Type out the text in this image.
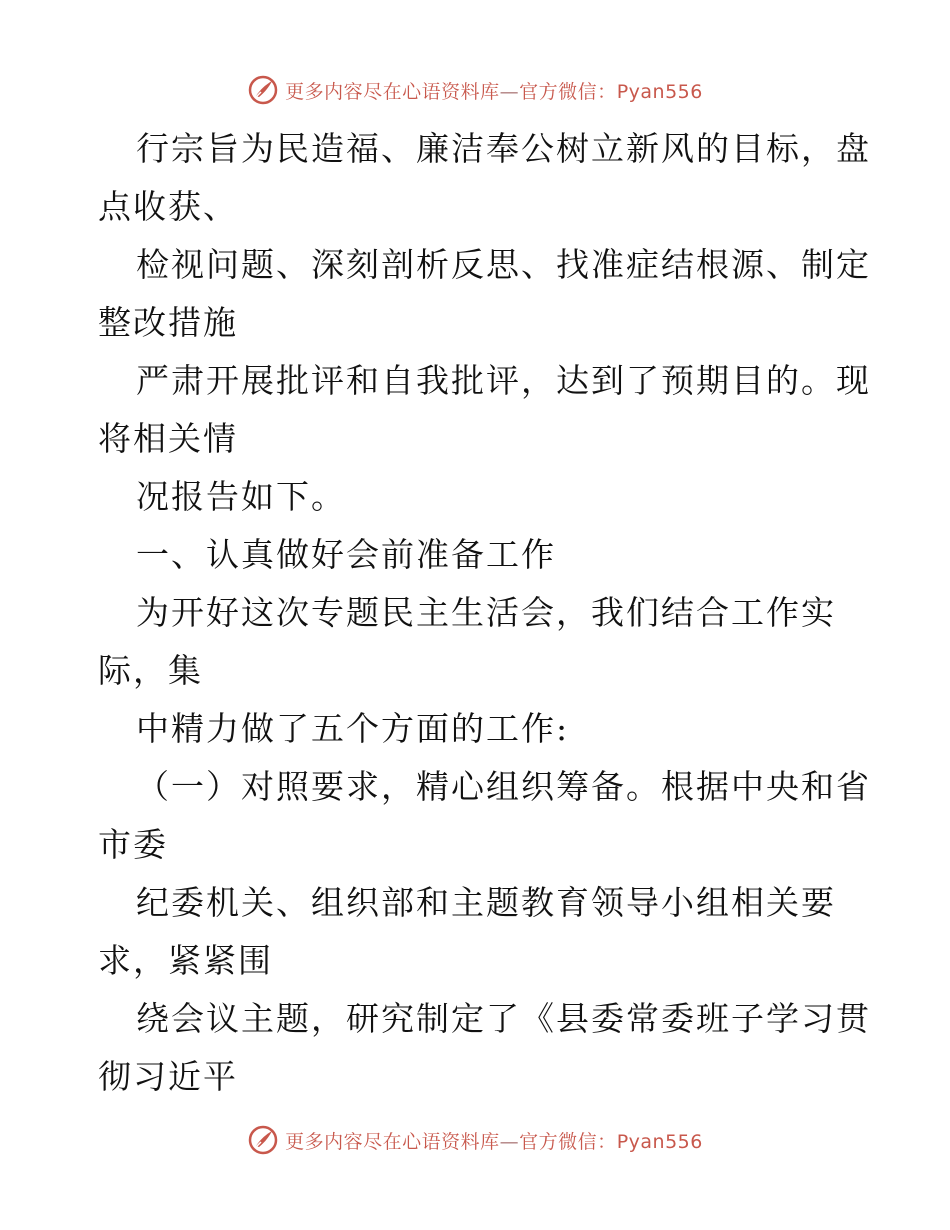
更多内容尽在心语资料库—官方微信：Pyan556
行宗旨为民造福、廉洁奉公树立新风的目标，盘
点收获、
检视问题、深刻剖析反思、找准症结根源、制定
整改措施
严肃开展批评和自我批评，达到了预期目的。现
将相关情
况报告如下。
一、认真做好会前准备工作
为开好这次专题民主生活会，我们结合工作实
际，集
中精力做了五个方面的工作:
（一）对照要求，精心组织筹备。根据中央和省
市委
纪委机关、组织部和主题教育领导小组相关要
求，紧紧围
绕会议主题，研究制定了《县委常委班子学习贯
彻习近平
更多内容尽在心语资料库—官方微信：Pyan556
